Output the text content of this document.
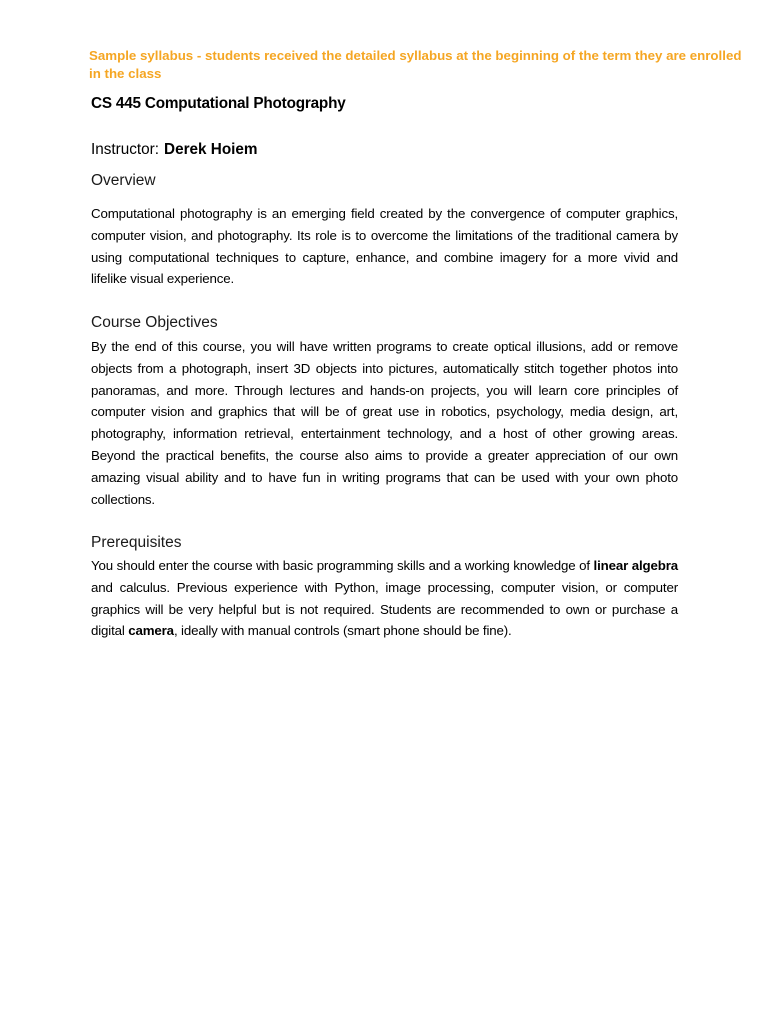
Sample syllabus - students received the detailed syllabus at the beginning of the term they are enrolled in the class
CS 445 Computational Photography
Instructor: Derek Hoiem
Overview
Computational photography is an emerging field created by the convergence of computer graphics, computer vision, and photography. Its role is to overcome the limitations of the traditional camera by using computational techniques to capture, enhance, and combine imagery for a more vivid and lifelike visual experience.
Course Objectives
By the end of this course, you will have written programs to create optical illusions, add or remove objects from a photograph, insert 3D objects into pictures, automatically stitch together photos into panoramas, and more. Through lectures and hands-on projects, you will learn core principles of computer vision and graphics that will be of great use in robotics, psychology, media design, art, photography, information retrieval, entertainment technology, and a host of other growing areas. Beyond the practical benefits, the course also aims to provide a greater appreciation of our own amazing visual ability and to have fun in writing programs that can be used with your own photo collections.
Prerequisites
You should enter the course with basic programming skills and a working knowledge of linear algebra and calculus. Previous experience with Python, image processing, computer vision, or computer graphics will be very helpful but is not required. Students are recommended to own or purchase a digital camera, ideally with manual controls (smart phone should be fine).
